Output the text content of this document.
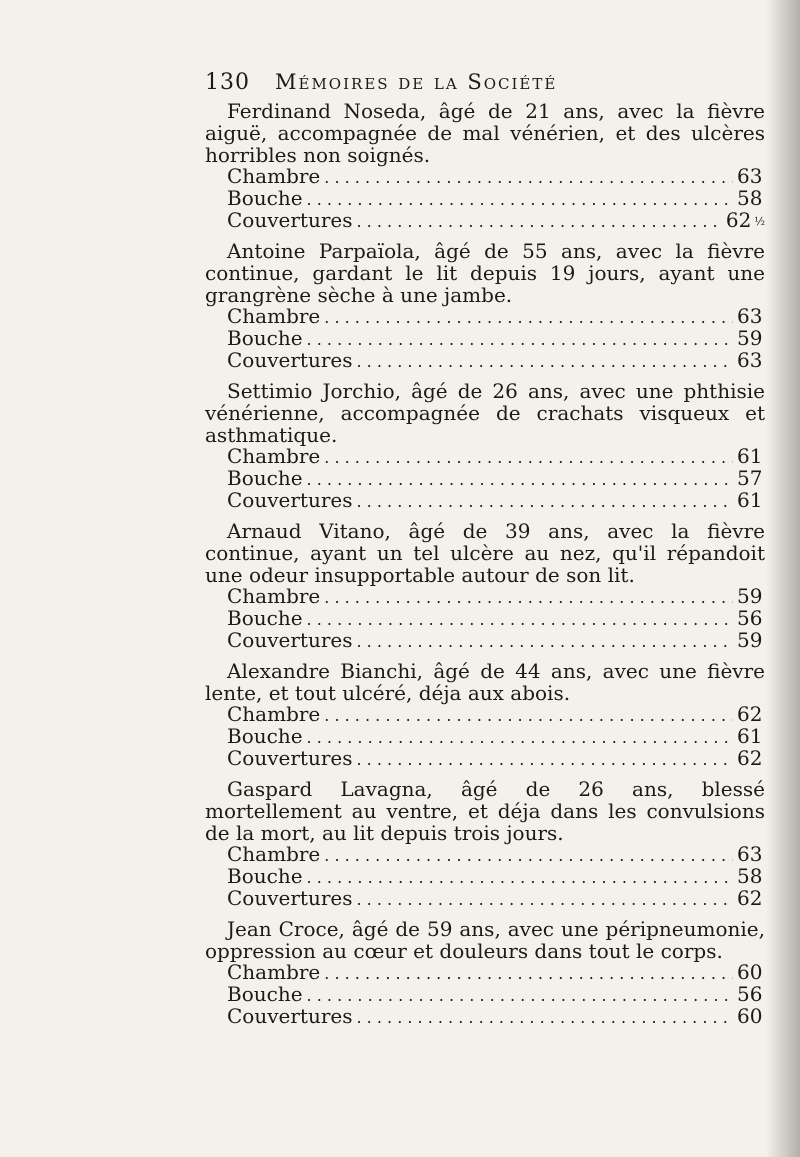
130	Mémoires de la Société

Ferdinand Noseda, âgé de 21 ans, avec la fièvre aiguë, accompagnée de mal vénérien, et des ulcères horribles non soignés.

Chambre . . .	63
Bouche . . .	58
Couvertures . . .	62 ½

Antoine Parpaïola, âgé de 55 ans, avec la fièvre continue, gardant le lit depuis 19 jours, ayant une grangrène sèche à une jambe.

Chambre . . .	63
Bouche . . .	59
Couvertures . . .	63

Settimio Jorchio, âgé de 26 ans, avec une phthisie vénérienne, accompagnée de crachats visqueux et asthmatique.

Chambre . . .	61
Bouche . . .	57
Couvertures . . .	61

Arnaud Vitano, âgé de 39 ans, avec la fièvre continue, ayant un tel ulcère au nez, qu'il répandoit une odeur insupportable autour de son lit.

Chambre . . .	59
Bouche . . .	56
Couvertures . . .	59

Alexandre Bianchi, âgé de 44 ans, avec une fièvre lente, et tout ulcéré, déja aux abois.

Chambre . . .	62
Bouche . . .	61
Couvertures . . .	62

Gaspard Lavagna, âgé de 26 ans, blessé mortellement au ventre, et déja dans les convulsions de la mort, au lit depuis trois jours.

Chambre . . .	63
Bouche . . .	58
Couvertures . . .	62

Jean Croce, âgé de 59 ans, avec une péripneumonie, oppression au cœur et douleurs dans tout le corps.

Chambre . . .	60
Bouche . . .	56
Couvertures . . .	60
